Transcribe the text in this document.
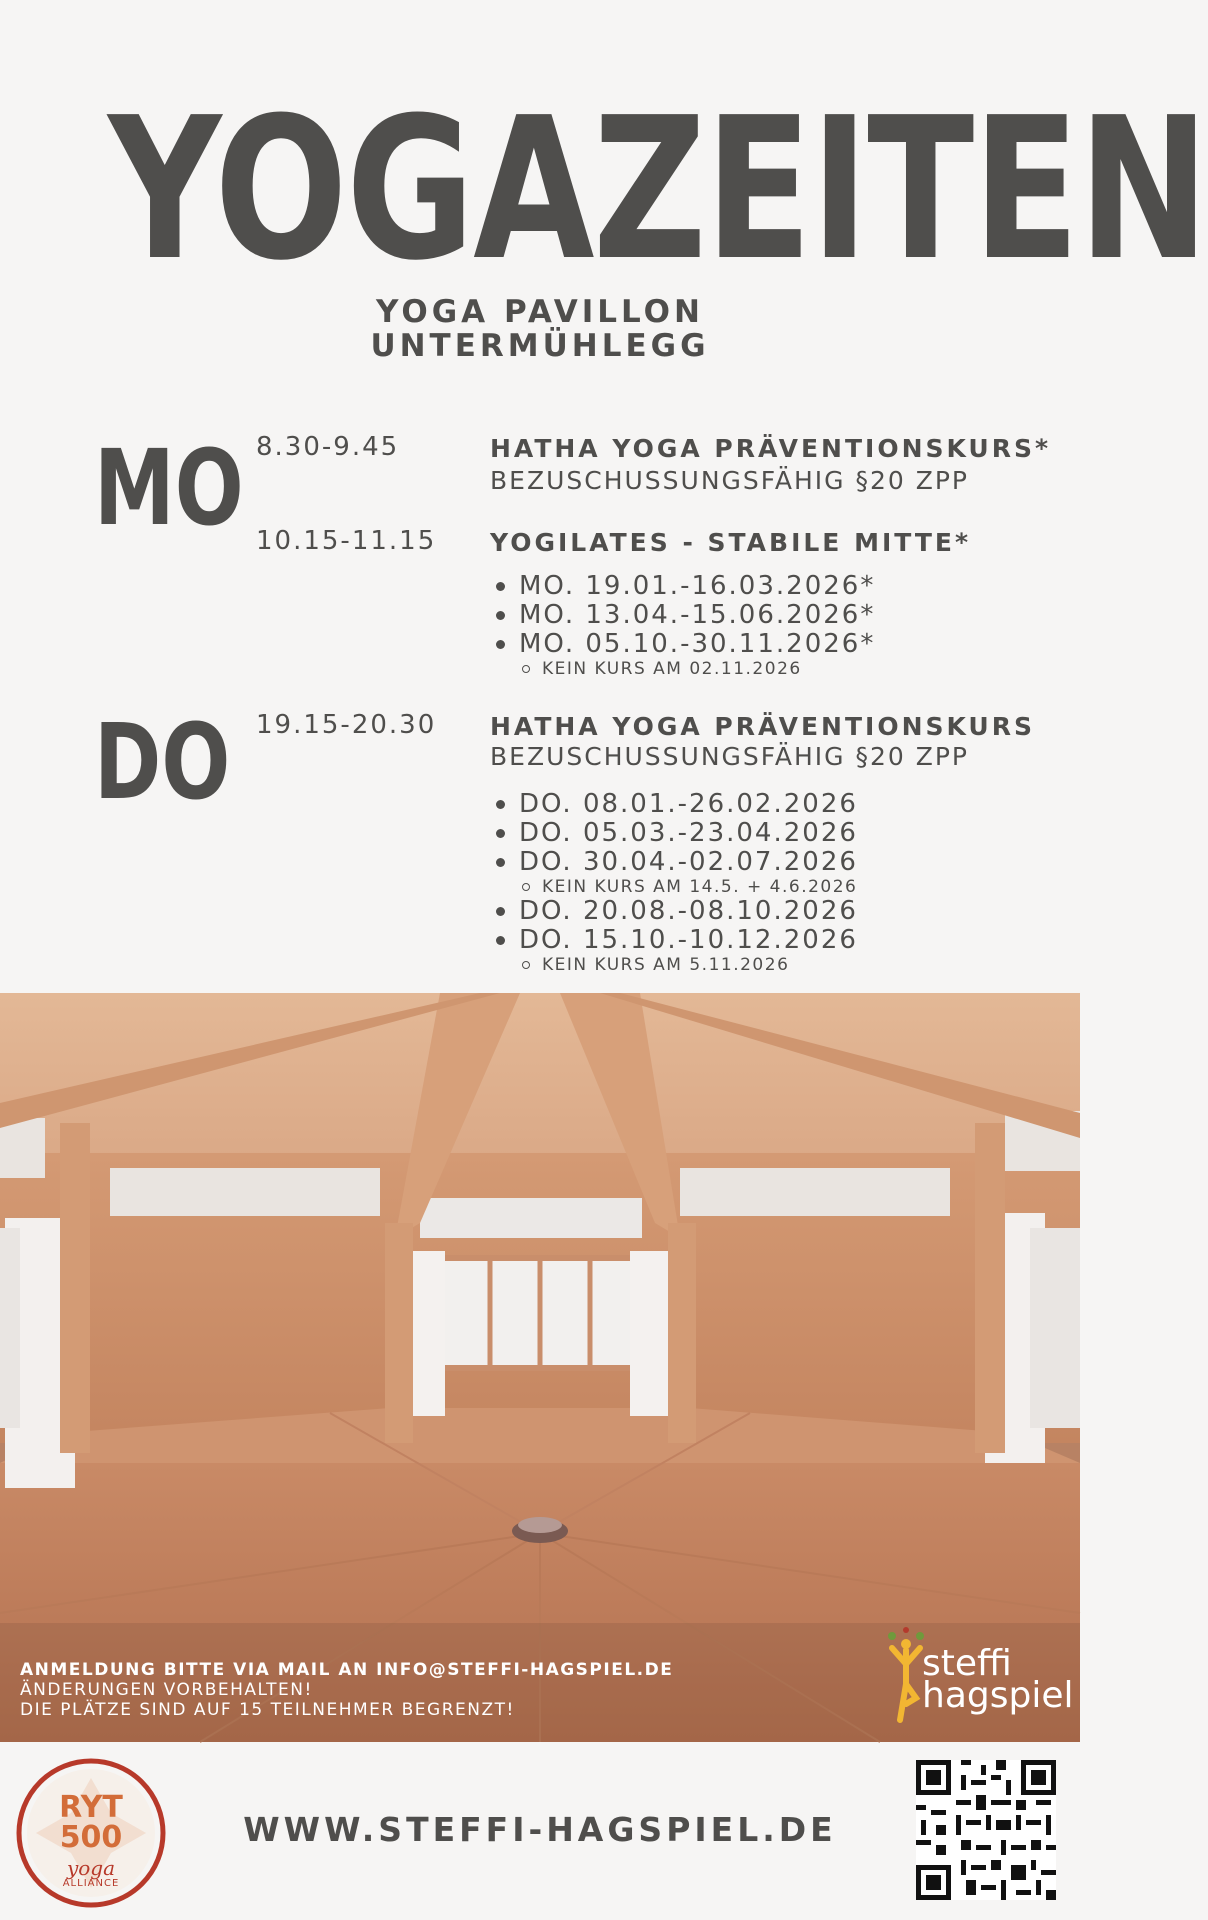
YOGAZEITEN
YOGA PAVILLON
UNTERMÜHLEGG
MO 8.30-9.45	HATHA YOGA PRÄVENTIONSKURS*
BEZUSCHUSSUNGSFÄHIG §20 ZPP
10.15-11.15 YOGILATES - STABILE MITTE*
MO. 19.01.-16.03.2026*
MO. 13.04.-15.06.2026*
MO. 05.10.-30.11.2026*
KEIN KURS AM 02.11.2026
DO 19.15-20.30 HATHA YOGA PRÄVENTIONSKURS
BEZUSCHUSSUNGSFÄHIG §20 ZPP
DO. 08.01.-26.02.2026
DO. 05.03.-23.04.2026
DO. 30.04.-02.07.2026
KEIN KURS AM 14.5. + 4.6.2026
DO. 20.08.-08.10.2026
DO. 15.10.-10.12.2026
KEIN KURS AM 5.11.2026
ANMELDUNG BITTE VIA MAIL AN INFO@STEFFI-HAGSPIEL.DE
ÄNDERUNGEN VORBEHALTEN!
DIE PLÄTZE SIND AUF 15 TEILNEHMER BEGRENZT!
steffi
hagspiel
RYT
500
yoga
ALLIANCE
WWW.STEFFI-HAGSPIEL.DE
